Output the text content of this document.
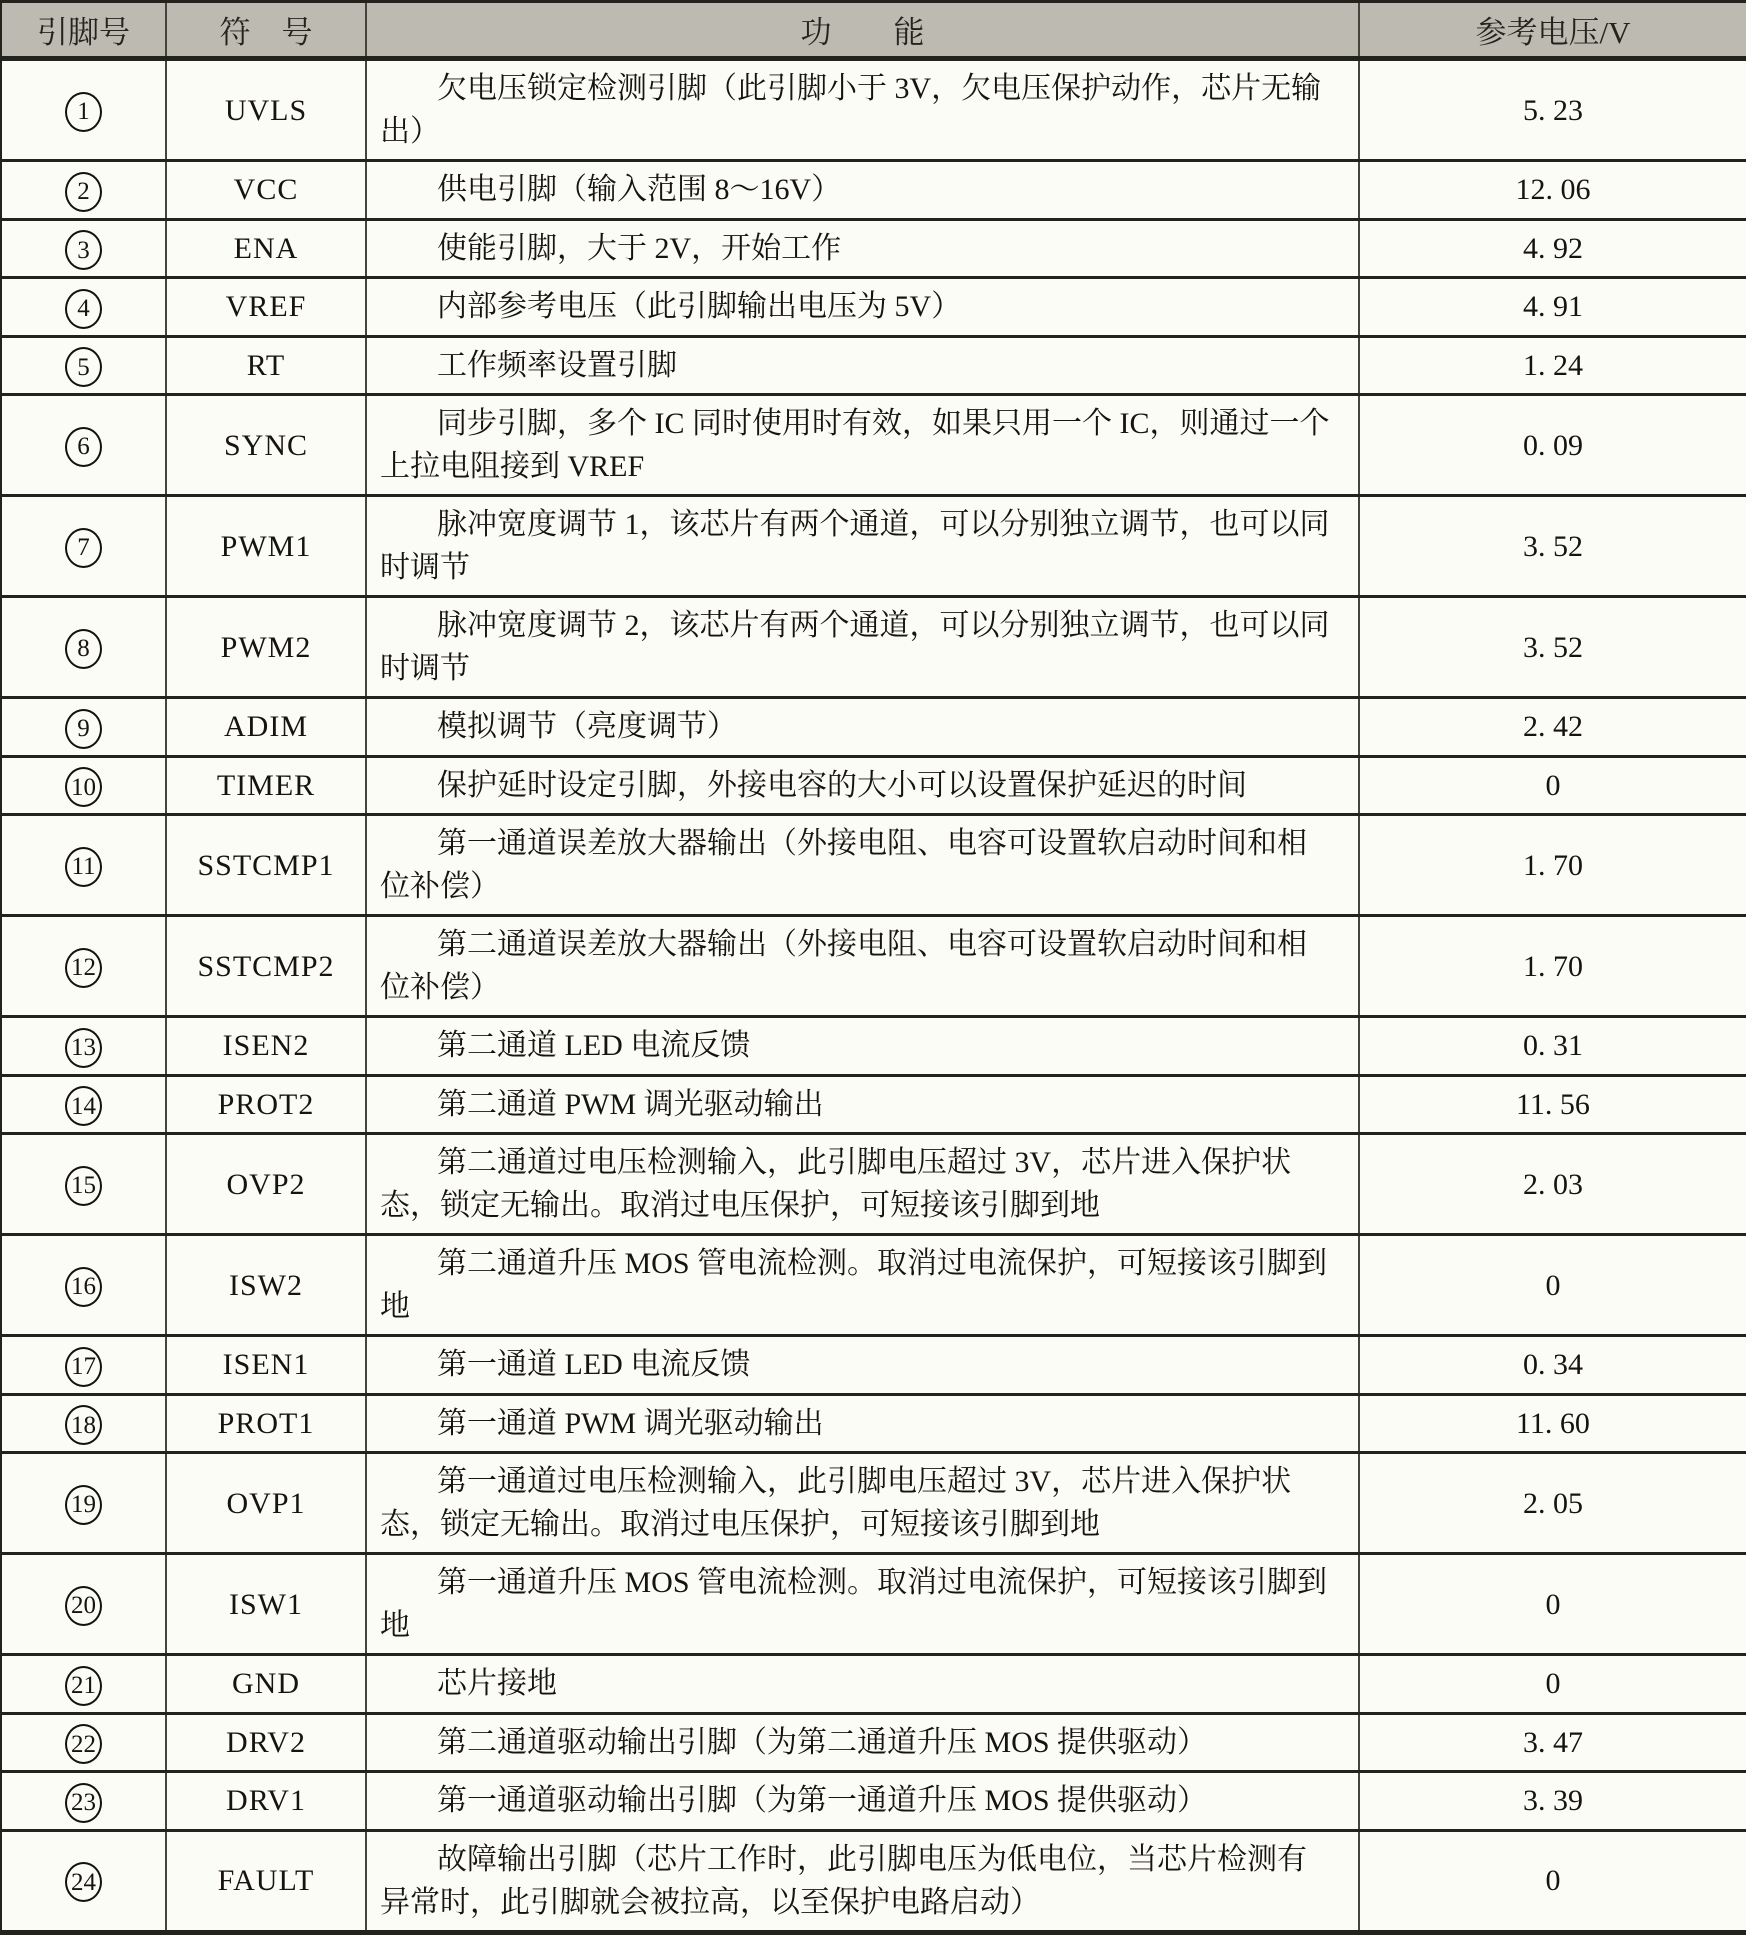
引脚号	符　号	功　　能	参考电压/V
1	UVLS	欠电压锁定检测引脚（此引脚小于 3V，欠电压保护动作，芯片无输出）	5. 23
2	VCC	供电引脚（输入范围 8～16V）	12. 06
3	ENA	使能引脚，大于 2V，开始工作	4. 92
4	VREF	内部参考电压（此引脚输出电压为 5V）	4. 91
5	RT	工作频率设置引脚	1. 24
6	SYNC	同步引脚，多个 IC 同时使用时有效，如果只用一个 IC，则通过一个上拉电阻接到 VREF	0. 09
7	PWM1	脉冲宽度调节 1，该芯片有两个通道，可以分别独立调节，也可以同时调节	3. 52
8	PWM2	脉冲宽度调节 2，该芯片有两个通道，可以分别独立调节，也可以同时调节	3. 52
9	ADIM	模拟调节（亮度调节）	2. 42
10	TIMER	保护延时设定引脚，外接电容的大小可以设置保护延迟的时间	0
11	SSTCMP1	第一通道误差放大器输出（外接电阻、电容可设置软启动时间和相位补偿）	1. 70
12	SSTCMP2	第二通道误差放大器输出（外接电阻、电容可设置软启动时间和相位补偿）	1. 70
13	ISEN2	第二通道 LED 电流反馈	0. 31
14	PROT2	第二通道 PWM 调光驱动输出	11. 56
15	OVP2	第二通道过电压检测输入，此引脚电压超过 3V，芯片进入保护状态，锁定无输出。取消过电压保护，可短接该引脚到地	2. 03
16	ISW2	第二通道升压 MOS 管电流检测。取消过电流保护，可短接该引脚到地	0
17	ISEN1	第一通道 LED 电流反馈	0. 34
18	PROT1	第一通道 PWM 调光驱动输出	11. 60
19	OVP1	第一通道过电压检测输入，此引脚电压超过 3V，芯片进入保护状态，锁定无输出。取消过电压保护，可短接该引脚到地	2. 05
20	ISW1	第一通道升压 MOS 管电流检测。取消过电流保护，可短接该引脚到地	0
21	GND	芯片接地	0
22	DRV2	第二通道驱动输出引脚（为第二通道升压 MOS 提供驱动）	3. 47
23	DRV1	第一通道驱动输出引脚（为第一通道升压 MOS 提供驱动）	3. 39
24	FAULT	故障输出引脚（芯片工作时，此引脚电压为低电位，当芯片检测有异常时，此引脚就会被拉高，以至保护电路启动）	0
